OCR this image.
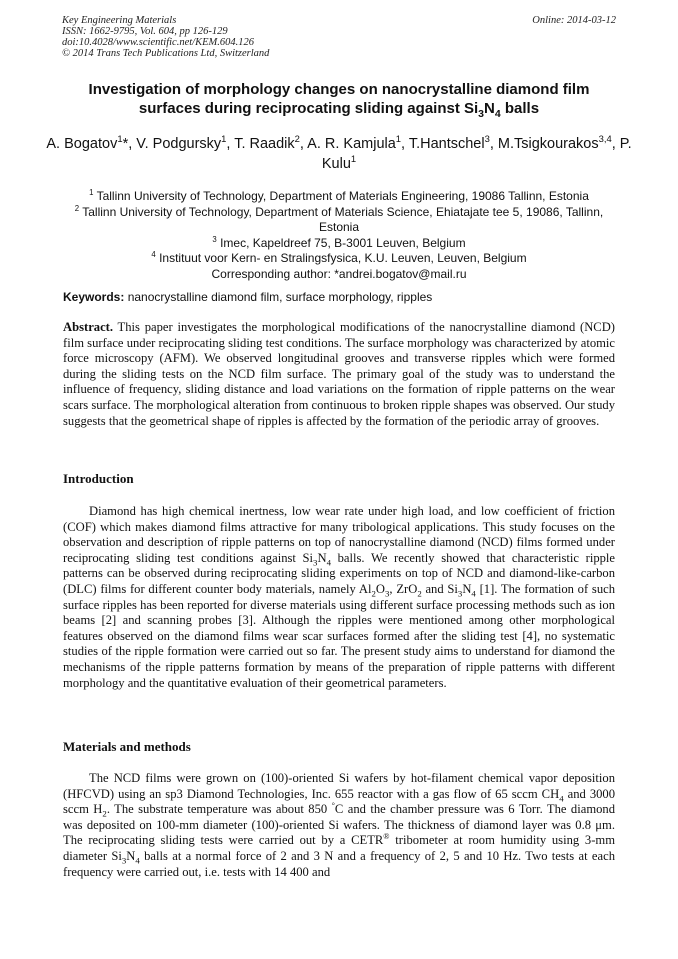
Key Engineering Materials
ISSN: 1662-9795, Vol. 604, pp 126-129
doi:10.4028/www.scientific.net/KEM.604.126
© 2014 Trans Tech Publications Ltd, Switzerland
Online: 2014-03-12
Investigation of morphology changes on nanocrystalline diamond film
surfaces during reciprocating sliding against $Si_3N_4$ balls
A. Bogatov$^1$*, V. Podgursky$^1$, T. Raadik$^2$, A. R. Kamjula$^1$, T.Hantschel$^3$, M.Tsigkourakos$^{3,4}$, P. Kulu$^1$
$^1$ Tallinn University of Technology, Department of Materials Engineering, 19086 Tallinn, Estonia
$^2$ Tallinn University of Technology, Department of Materials Science, Ehiatajate tee 5, 19086, Tallinn, Estonia
$^3$ Imec, Kapeldreef 75, B-3001 Leuven, Belgium
$^4$ Instituut voor Kern- en Stralingsfysica, K.U. Leuven, Leuven, Belgium
Corresponding author: *andrei.bogatov@mail.ru
Keywords: nanocrystalline diamond film, surface morphology, ripples
Abstract. This paper investigates the morphological modifications of the nanocrystalline diamond (NCD) film surface under reciprocating sliding test conditions. The surface morphology was characterized by atomic force microscopy (AFM). We observed longitudinal grooves and transverse ripples which were formed during the sliding tests on the NCD film surface. The primary goal of the study was to understand the influence of frequency, sliding distance and load variations on the formation of ripple patterns on the wear scars surface. The morphological alteration from continuous to broken ripple shapes was observed. Our study suggests that the geometrical shape of ripples is affected by the formation of the periodic array of grooves.
Introduction
Diamond has high chemical inertness, low wear rate under high load, and low coefficient of friction (COF) which makes diamond films attractive for many tribological applications. This study focuses on the observation and description of ripple patterns on top of nanocrystalline diamond (NCD) films formed under reciprocating sliding test conditions against $Si_3N_4$ balls. We recently showed that characteristic ripple patterns can be observed during reciprocating sliding experiments on top of NCD and diamond-like-carbon (DLC) films for different counter body materials, namely $Al_2O_3$, ZrO$_2$ and $Si_3N_4$ [1]. The formation of such surface ripples has been reported for diverse materials using different surface processing methods such as ion beams [2] and scanning probes [3]. Although the ripples were mentioned among other morphological features observed on the diamond films wear scar surfaces formed after the sliding test [4], no systematic studies of the ripple formation were carried out so far. The present study aims to understand for diamond the mechanisms of the ripple patterns formation by means of the preparation of ripple patterns with different morphology and the quantitative evaluation of their geometrical parameters.
Materials and methods
The NCD films were grown on (100)-oriented Si wafers by hot-filament chemical vapor deposition (HFCVD) using an sp3 Diamond Technologies, Inc. 655 reactor with a gas flow of 65 sccm $CH_4$ and 3000 sccm $H_2$. The substrate temperature was about 850 °C and the chamber pressure was 6 Torr. The diamond was deposited on 100-mm diameter (100)-oriented Si wafers. The thickness of diamond layer was 0.8 μm. The reciprocating sliding tests were carried out by a CETR® tribometer at room humidity using 3-mm diameter $Si_3N_4$ balls at a normal force of 2 and 3 N and a frequency of 2, 5 and 10 Hz. Two tests at each frequency were carried out, i.e. tests with 14 400 and
